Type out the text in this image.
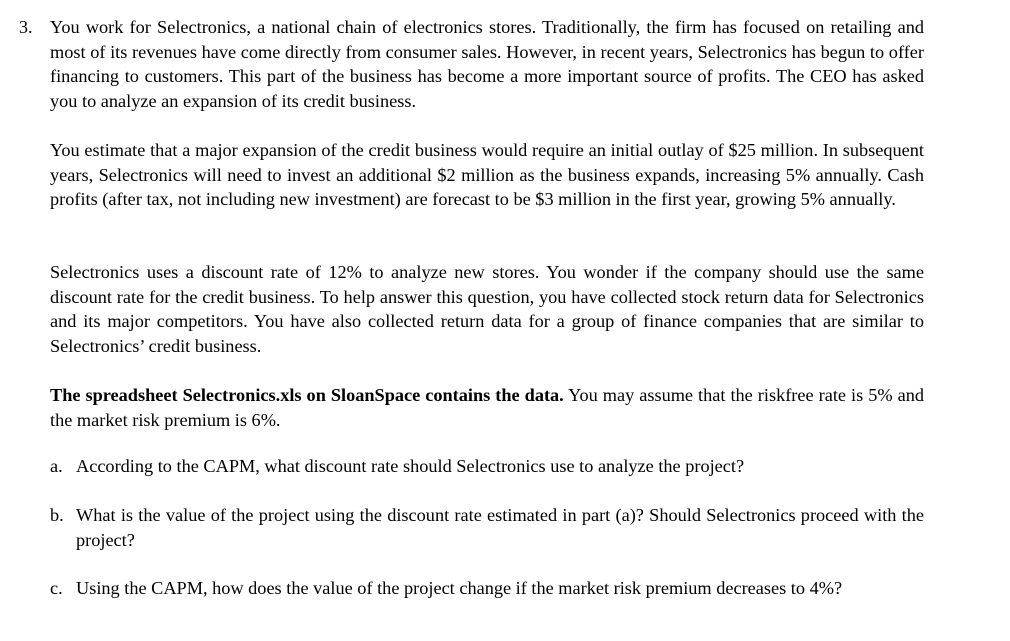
3. You work for Selectronics, a national chain of electronics stores. Traditionally, the firm has focused on retailing and most of its revenues have come directly from consumer sales. However, in recent years, Selectronics has begun to offer financing to customers. This part of the business has become a more important source of profits. The CEO has asked you to analyze an expansion of its credit business.

You estimate that a major expansion of the credit business would require an initial outlay of $25 million. In subsequent years, Selectronics will need to invest an additional $2 million as the business expands, increasing 5% annually. Cash profits (after tax, not including new investment) are forecast to be $3 million in the first year, growing 5% annually.

Selectronics uses a discount rate of 12% to analyze new stores. You wonder if the company should use the same discount rate for the credit business. To help answer this question, you have collected stock return data for Selectronics and its major competitors. You have also collected return data for a group of finance companies that are similar to Selectronics’ credit business.

The spreadsheet Selectronics.xls on SloanSpace contains the data. You may assume that the riskfree rate is 5% and the market risk premium is 6%.

a. According to the CAPM, what discount rate should Selectronics use to analyze the project?
b. What is the value of the project using the discount rate estimated in part (a)? Should Selectronics proceed with the project?
c. Using the CAPM, how does the value of the project change if the market risk premium decreases to 4%?
